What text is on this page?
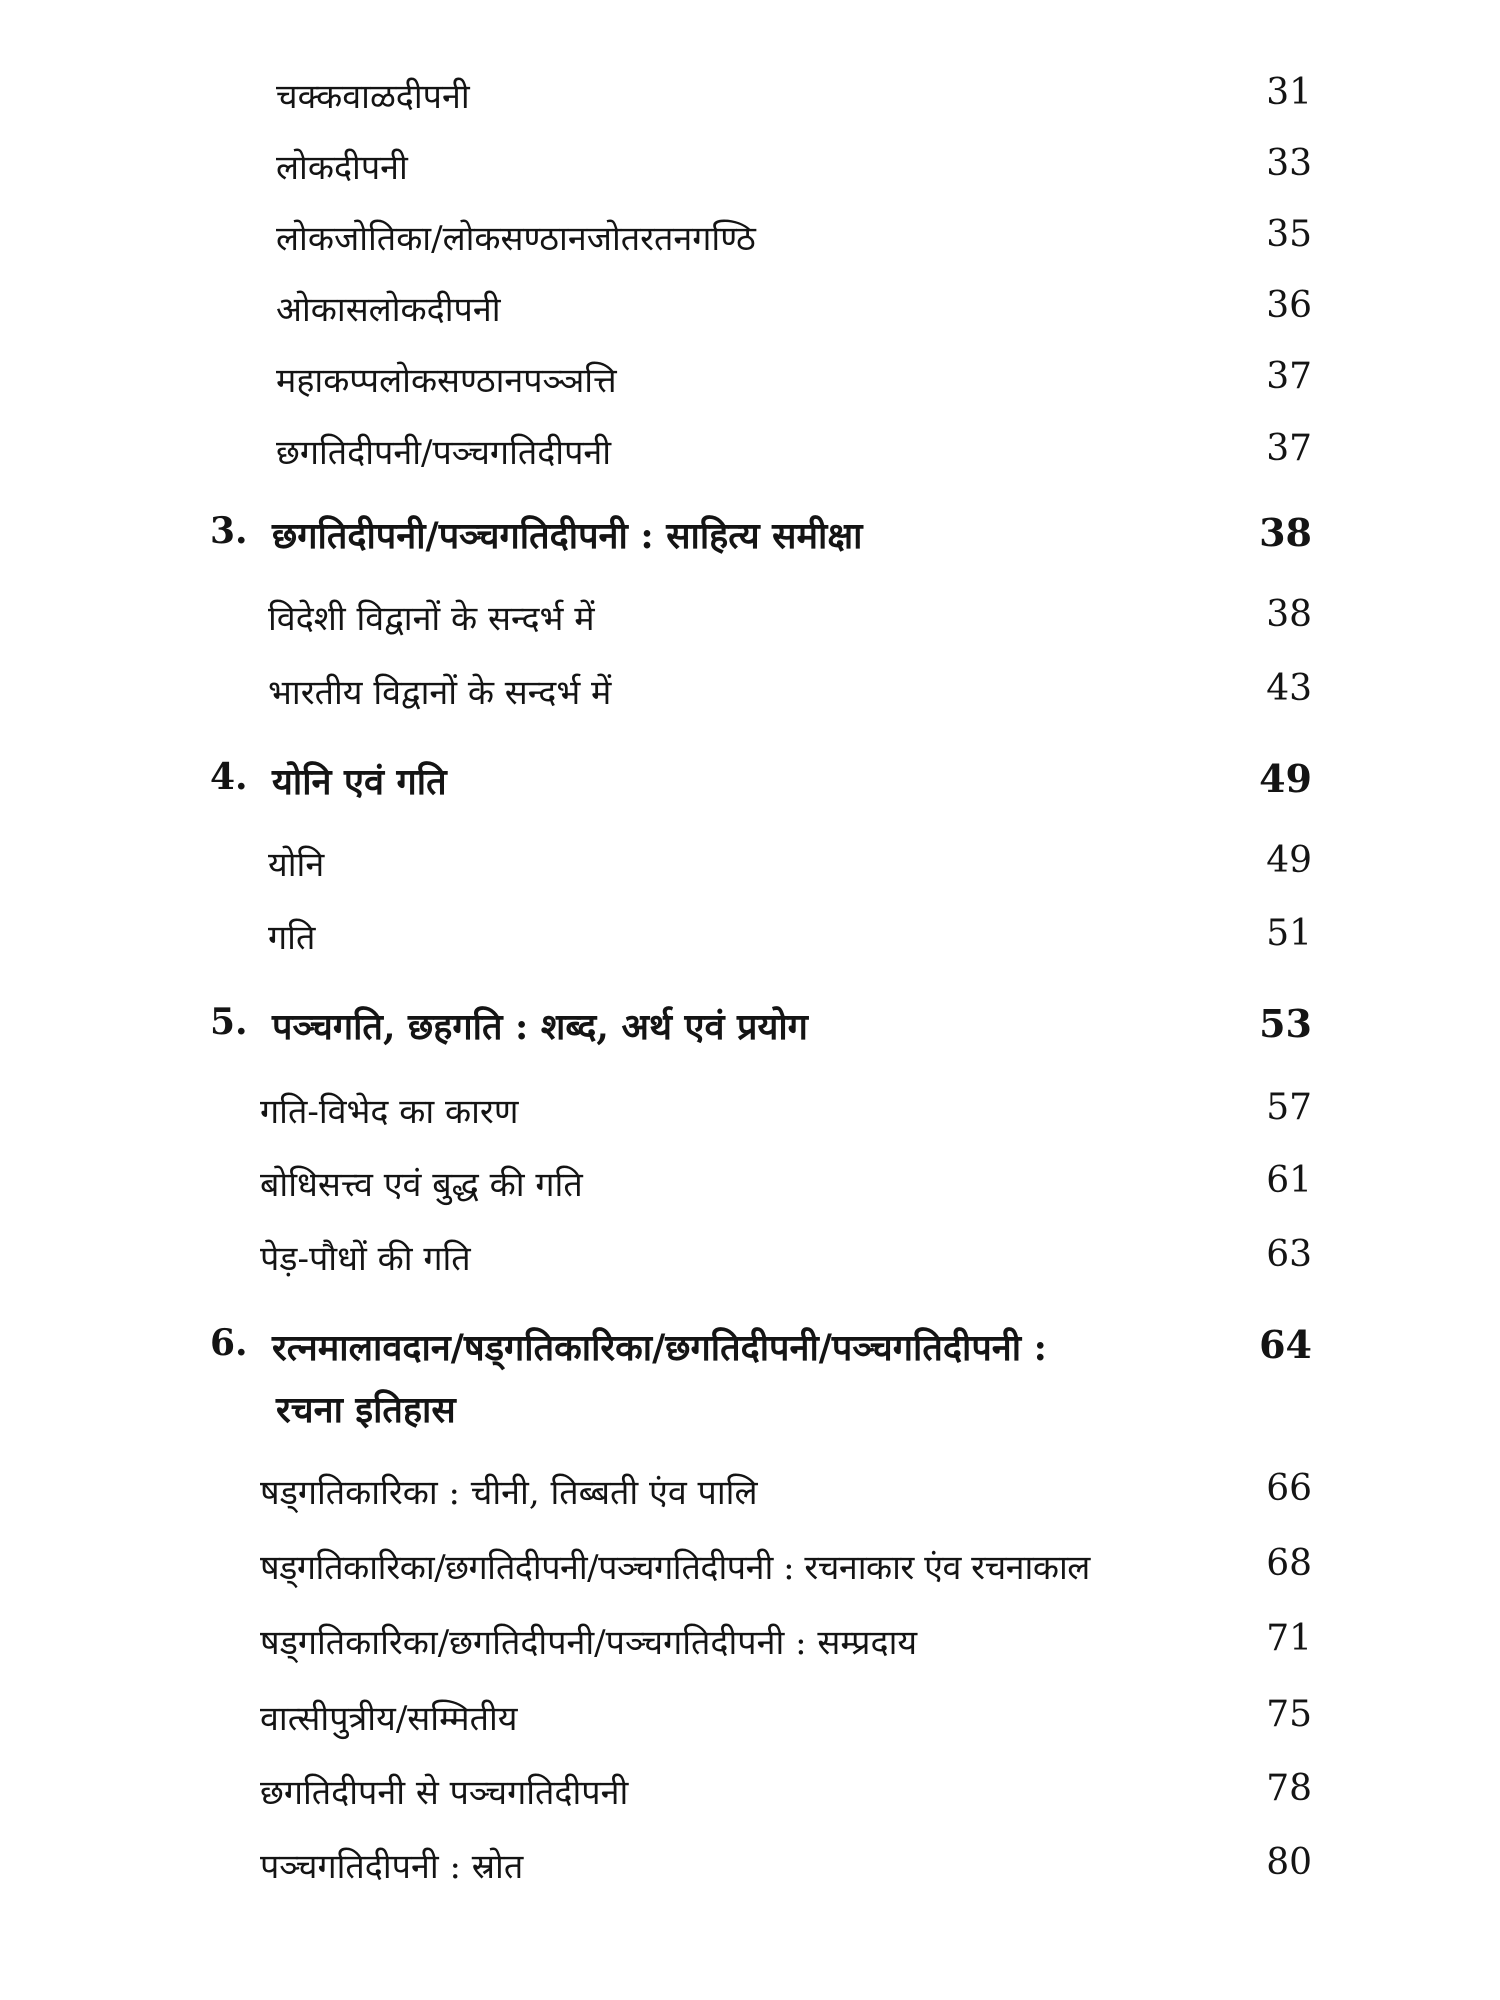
चक्कवाळदीपनी	31
लोकदीपनी	33
लोकजोतिका/लोकसण्ठानजोतरतनगण्ठि	35
ओकासलोकदीपनी	36
महाकप्पलोकसण्ठानपञ्ञत्ति	37
छगतिदीपनी/पञ्चगतिदीपनी	37
3. छगतिदीपनी/पञ्चगतिदीपनी : साहित्य समीक्षा	38
विदेशी विद्वानों के सन्दर्भ में	38
भारतीय विद्वानों के सन्दर्भ में	43
4. योनि एवं गति	49
योनि	49
गति	51
5. पञ्चगति, छहगति : शब्द, अर्थ एवं प्रयोग	53
गति-विभेद का कारण	57
बोधिसत्त्व एवं बुद्ध की गति	61
पेड़-पौधों की गति	63
6. रत्नमालावदान/षड्गतिकारिका/छगतिदीपनी/पञ्चगतिदीपनी :	64
रचना इतिहास
षड्गतिकारिका : चीनी, तिब्बती एंव पालि	66
षड्गतिकारिका/छगतिदीपनी/पञ्चगतिदीपनी : रचनाकार एंव रचनाकाल	68
षड्गतिकारिका/छगतिदीपनी/पञ्चगतिदीपनी : सम्प्रदाय	71
वात्सीपुत्रीय/सम्मितीय	75
छगतिदीपनी से पञ्चगतिदीपनी	78
पञ्चगतिदीपनी : स्रोत	80
